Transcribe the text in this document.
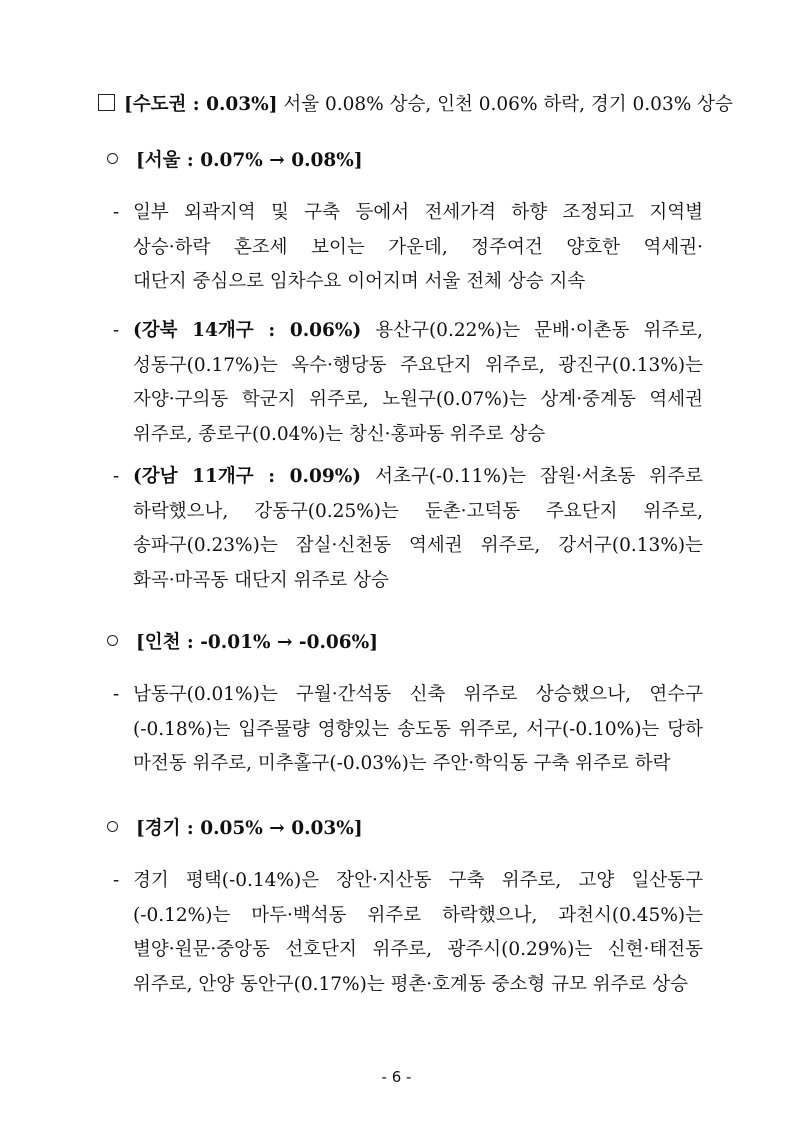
[수도권 : 0.03%] 서울 0.08% 상승, 인천 0.06% 하락, 경기 0.03% 상승
[서울 : 0.07% → 0.08%]
- 일부 외곽지역 및 구축 등에서 전세가격 하향 조정되고 지역별
상승·하락 혼조세 보이는 가운데, 정주여건 양호한 역세권·
대단지 중심으로 임차수요 이어지며 서울 전체 상승 지속
- (강북 14개구 : 0.06%) 용산구(0.22%)는 문배·이촌동 위주로,
성동구(0.17%)는 옥수·행당동 주요단지 위주로, 광진구(0.13%)는
자양·구의동 학군지 위주로, 노원구(0.07%)는 상계·중계동 역세권
위주로, 종로구(0.04%)는 창신·홍파동 위주로 상승
- (강남 11개구 : 0.09%) 서초구(-0.11%)는 잠원·서초동 위주로
하락했으나, 강동구(0.25%)는 둔촌·고덕동 주요단지 위주로,
송파구(0.23%)는 잠실·신천동 역세권 위주로, 강서구(0.13%)는
화곡·마곡동 대단지 위주로 상승
[인천 : -0.01% → -0.06%]
- 남동구(0.01%)는 구월·간석동 신축 위주로 상승했으나, 연수구
(-0.18%)는 입주물량 영향있는 송도동 위주로, 서구(-0.10%)는 당하
마전동 위주로, 미추홀구(-0.03%)는 주안·학익동 구축 위주로 하락
[경기 : 0.05% → 0.03%]
- 경기 평택(-0.14%)은 장안·지산동 구축 위주로, 고양 일산동구
(-0.12%)는 마두·백석동 위주로 하락했으나, 과천시(0.45%)는
별양·원문·중앙동 선호단지 위주로, 광주시(0.29%)는 신현·태전동
위주로, 안양 동안구(0.17%)는 평촌·호계동 중소형 규모 위주로 상승
- 6 -
